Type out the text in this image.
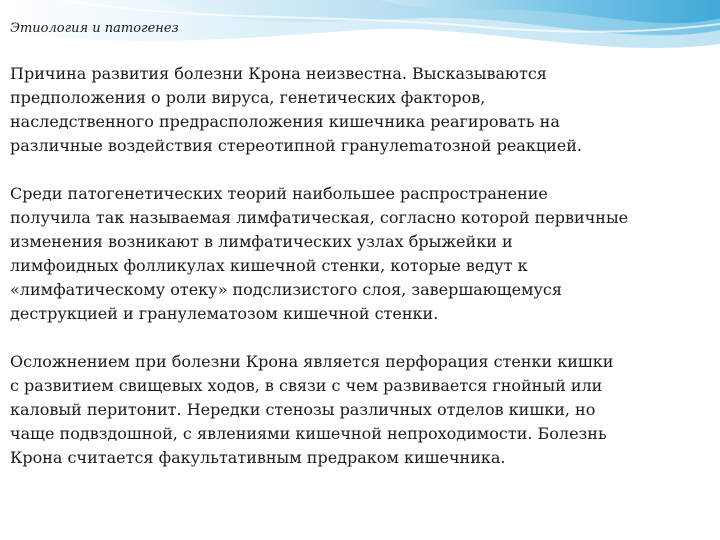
Этиология и патогенез

Причина развития болезни Крона неизвестна. Высказываются
предположения о роли вируса, генетических факторов,
наследственного предрасположения кишечника реагировать на
различные воздействия стереотипной гранулеmатозной реакцией.

Среди патогенетических теорий наибольшее распространение
получила так называемая лимфатическая, согласно которой первичные
изменения возникают в лимфатических узлах брыжейки и
лимфоидных фолликулах кишечной стенки, которые ведут к
«лимфатическому отеку» подслизистого слоя, завершающемуся
деструкцией и гранулематозом кишечной стенки.

Осложнением при болезни Крона является перфорация стенки кишки
с развитием свищевых ходов, в связи с чем развивается гнойный или
каловый перитонит. Нередки стенозы различных отделов кишки, но
чаще подвздошной, с явлениями кишечной непроходимости. Болезнь
Крона считается факультативным предраком кишечника.
